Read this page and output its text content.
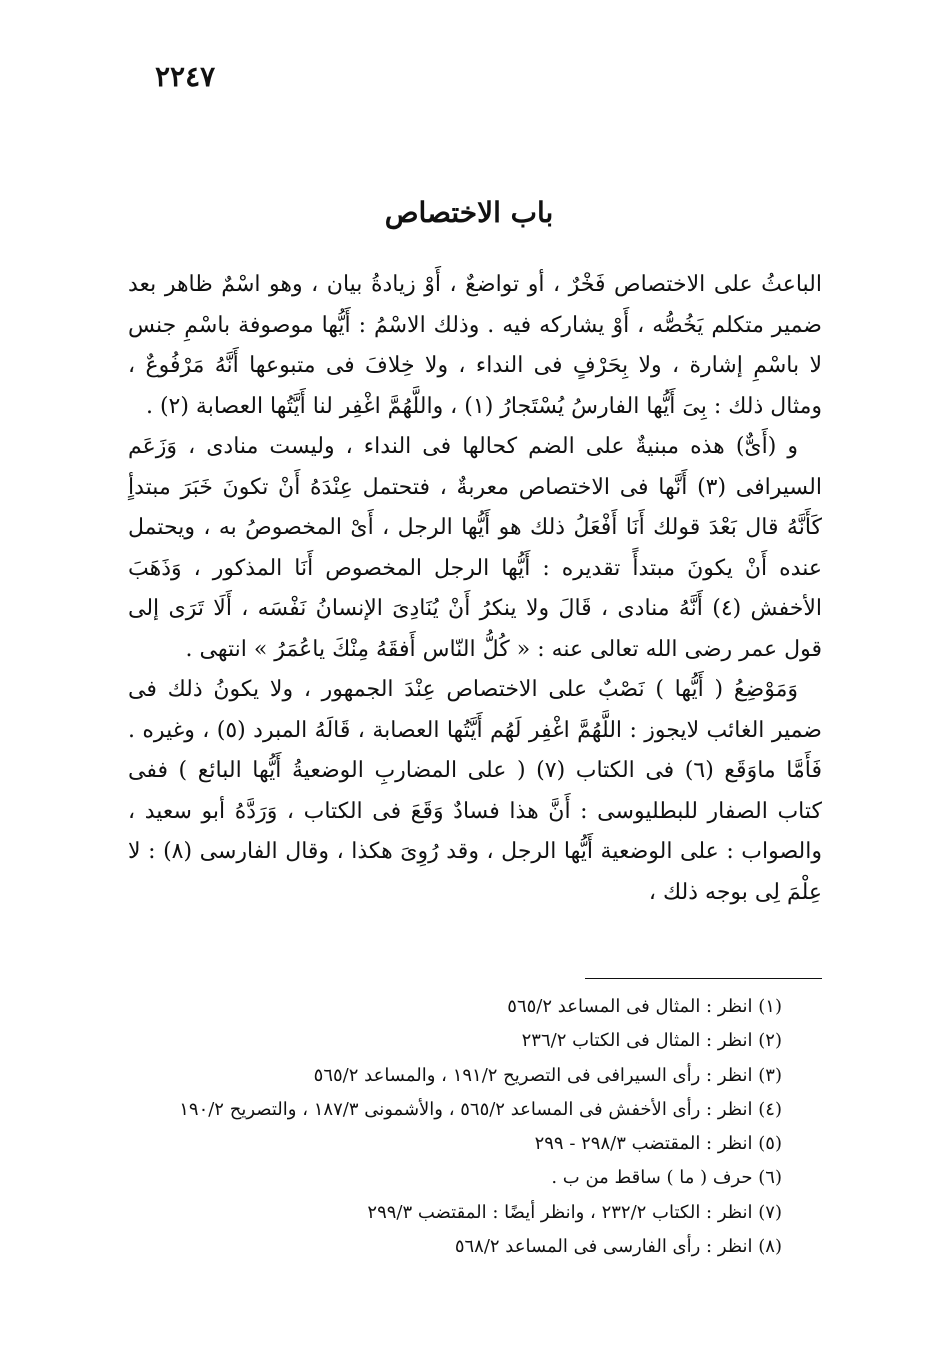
٢٢٤٧
باب الاختصاص

الباعثُ على الاختصاص فَخْرٌ ، أو تواضعٌ ، أَوْ زيادةُ بيان ، وهو اسْمٌ ظاهر بعد ضمير متكلم يَخُصُّه ، أَوْ يشاركه فيه . وذلك الاسْمُ : أَيُّها موصوفة باسْمِ جنس لا باسْمِ إشارة ، ولا بِحَرْفٍ فى النداء ، ولا خِلافَ فى متبوعها أَنَّهُ مَرْفُوعٌ ، ومثال ذلك : بِىَ أَيُّها الفارسُ يُسْتَجارُ (١) ، واللَّهُمَّ اغْفِر لنا أَيَّتُها العصابة (٢) .

و (أَىٌّ) هذه مبنيةٌ على الضم كحالها فى النداء ، وليست منادى ، وَزَعَم السيرافى (٣) أَنَّها فى الاختصاص معربةٌ ، فتحتمل عِنْدَهُ أَنْ تكونَ خَبَرَ مبتدأٍ كَأَنَّهُ قال بَعْدَ قولك أَنَا أَفْعَلُ ذلك هو أَيُّها الرجل ، أَىْ المخصوصُ به ، ويحتمل عنده أَنْ يكونَ مبتدأً تقديره : أَيُّها الرجل المخصوص أَنَا المذكور ، وَذَهَبَ الأخفش (٤) أَنَّهُ منادى ، قَالَ ولا ينكرُ أَنْ يُنَادِىَ الإنسانُ نَفْسَه ، أَلَا تَرَى إلى قول عمر رضى الله تعالى عنه : « كُلُّ النّاس أَفقَهُ مِنْكَ ياعُمَرُ » انتهى .

وَمَوْضِعُ ( أَيُّها ) نَصْبٌ على الاختصاص عِنْدَ الجمهور ، ولا يكونُ ذلك فى ضمير الغائب لايجوز : اللَّهُمَّ اغْفِر لَهُم أَيَّتُها العصابة ، قَالَهُ المبرد (٥) ، وغيره . فَأَمَّا ماوَقَع (٦) فى الكتاب (٧) ( على المضاربِ الوضعيةُ أَيُّها البائع ) ففى كتاب الصفار للبطليوسى : أَنَّ هذا فسادٌ وَقَعَ فى الكتاب ، وَرَدَّهُ أبو سعيد ، والصواب : على الوضعية أَيُّها الرجل ، وقد رُوِىَ هكذا ، وقال الفارسى (٨) : لا عِلْمَ لِى بوجه ذلك ،

(١) انظر : المثال فى المساعد ٥٦٥/٢
(٢) انظر : المثال فى الكتاب ٢٣٦/٢
(٣) انظر : رأى السيرافى فى التصريح ١٩١/٢ ، والمساعد ٥٦٥/٢
(٤) انظر : رأى الأخفش فى المساعد ٥٦٥/٢ ، والأشمونى ١٨٧/٣ ، والتصريح ١٩٠/٢
(٥) انظر : المقتضب ٢٩٨/٣ - ٢٩٩
(٦) حرف ( ما ) ساقط من ب .
(٧) انظر : الكتاب ٢٣٢/٢ ، وانظر أيضًا : المقتضب ٢٩٩/٣
(٨) انظر : رأى الفارسى فى المساعد ٥٦٨/٢
